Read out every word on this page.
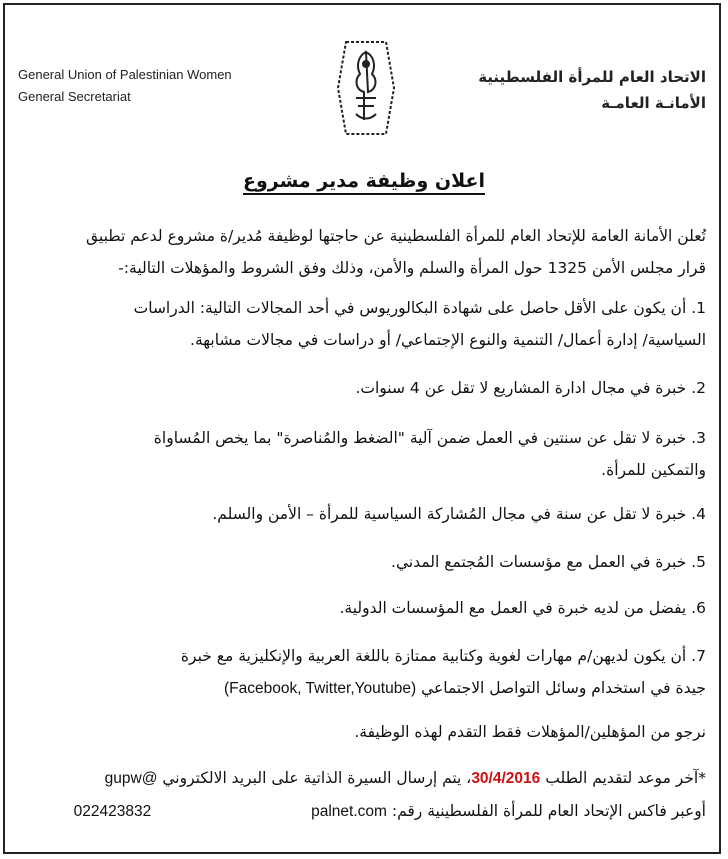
General Union of Palestinian Women
General Secretariat
الاتحاد العام للمرأة الفلسطينية
الأمانـة العامـة
اعلان وظيفة مدير مشروع
تُعلن الأمانة العامة للإتحاد العام للمرأة الفلسطينية عن حاجتها لوظيفة مُدير/ة مشروع لدعم تطبيق
قرار مجلس الأمن 1325 حول المرأة والسلم والأمن، وذلك وفق الشروط والمؤهلات التالية:-
1. أن يكون على الأقل حاصل على شهادة البكالوريوس في أحد المجالات التالية: الدراسات
السياسية/ إدارة أعمال/ التنمية والنوع الإجتماعي/ أو دراسات في مجالات مشابهة.
2. خبرة في مجال ادارة المشاريع لا تقل عن 4 سنوات.
3. خبرة لا تقل عن سنتين في العمل ضمن آلية "الضغط والمُناصرة" بما يخص المُساواة
والتمكين للمرأة.
4. خبرة لا تقل عن سنة في مجال المُشاركة السياسية للمرأة – الأمن والسلم.
5. خبرة في العمل مع مؤسسات المُجتمع المدني.
6. يفضل من لديه خبرة في العمل مع المؤسسات الدولية.
7. أن يكون لديهن/م مهارات لغوية وكتابية ممتازة باللغة العربية والإنكليزية مع خبرة
جيدة في استخدام وسائل التواصل الاجتماعي (Facebook, Twitter,Youtube)
نرجو من المؤهلين/المؤهلات فقط التقدم لهذه الوظيفة.
*آخر موعد لتقديم الطلب 30/4/2016، يتم إرسال السيرة الذاتية على البريد الالكتروني gupw@
أوعبر فاكس الإتحاد العام للمرأة الفلسطينية رقم: 022423832	palnet.com
